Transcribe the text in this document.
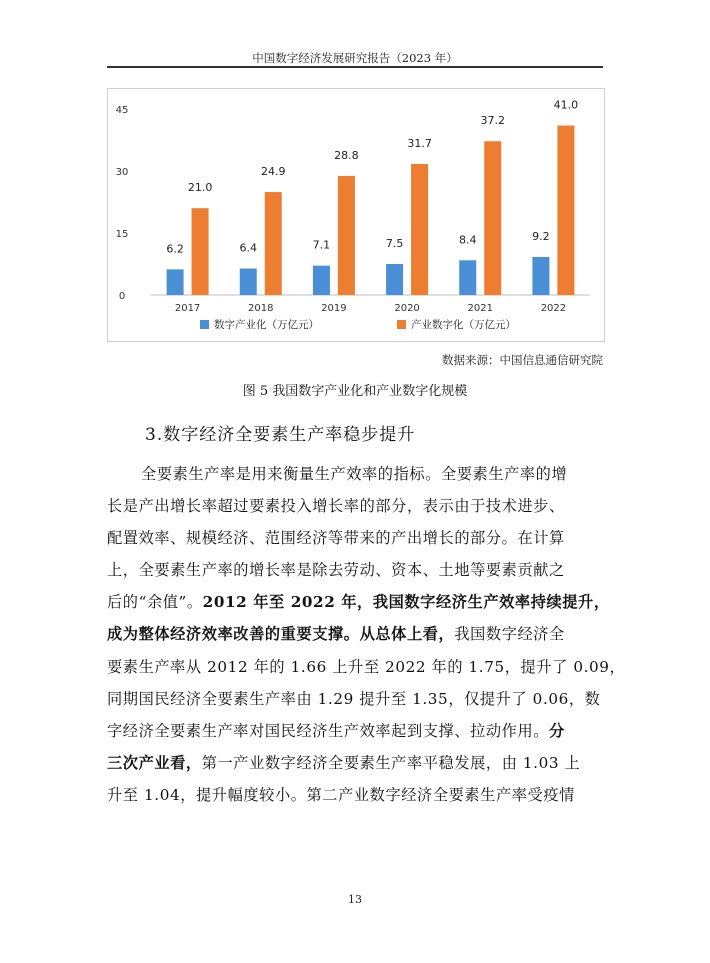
中国数字经济发展研究报告（2023 年）
0
15
30
45
6.2
21.0
2017
6.4
24.9
2018
7.1
28.8
2019
7.5
31.7
2020
8.4
37.2
2021
9.2
41.0
2022
数字产业化（万亿元）	产业数字化（万亿元）
数据来源：中国信息通信研究院
图 5 我国数字产业化和产业数字化规模
3.数字经济全要素生产率稳步提升
全要素生产率是用来衡量生产效率的指标。全要素生产率的增
长是产出增长率超过要素投入增长率的部分，表示由于技术进步、
配置效率、规模经济、范围经济等带来的产出增长的部分。在计算
上，全要素生产率的增长率是除去劳动、资本、土地等要素贡献之
后的“余值”。2012 年至 2022 年，我国数字经济生产效率持续提升，
成为整体经济效率改善的重要支撑。从总体上看，我国数字经济全
要素生产率从 2012 年的 1.66 上升至 2022 年的 1.75，提升了 0.09，
同期国民经济全要素生产率由 1.29 提升至 1.35，仅提升了 0.06，数
字经济全要素生产率对国民经济生产效率起到支撑、拉动作用。分
三次产业看，第一产业数字经济全要素生产率平稳发展，由 1.03 上
升至 1.04，提升幅度较小。第二产业数字经济全要素生产率受疫情
13
